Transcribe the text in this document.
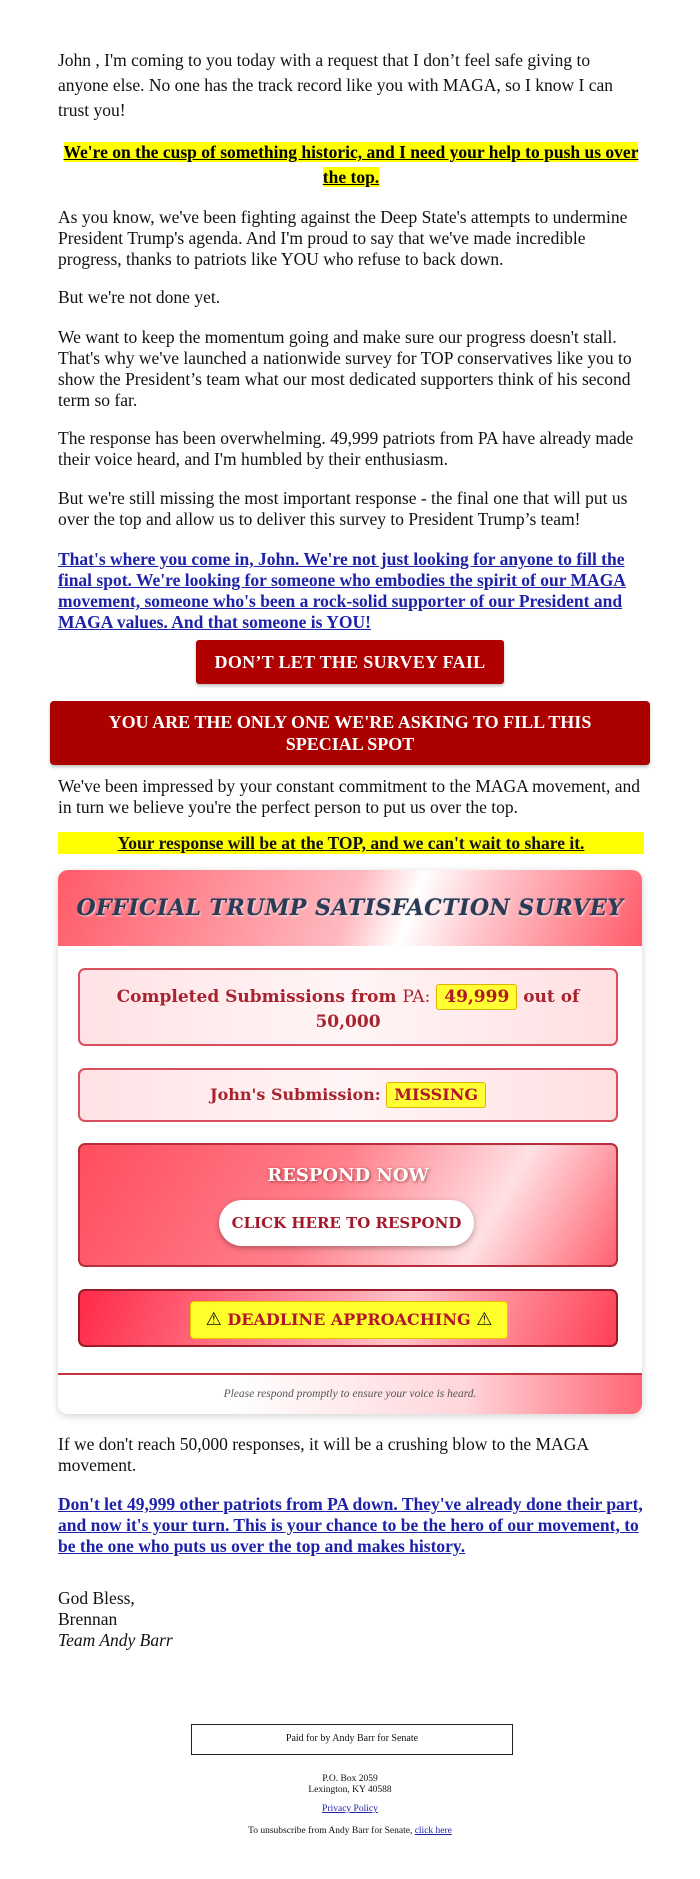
John , I'm coming to you today with a request that I don’t feel safe giving to anyone else. No one has the track record like you with MAGA, so I know I can trust you!

We're on the cusp of something historic, and I need your help to push us over the top.

As you know, we've been fighting against the Deep State's attempts to undermine President Trump's agenda. And I'm proud to say that we've made incredible progress, thanks to patriots like YOU who refuse to back down.

But we're not done yet.

We want to keep the momentum going and make sure our progress doesn't stall. That's why we've launched a nationwide survey for TOP conservatives like you to show the President’s team what our most dedicated supporters think of his second term so far.

The response has been overwhelming. 49,999 patriots from PA have already made their voice heard, and I'm humbled by their enthusiasm.

But we're still missing the most important response - the final one that will put us over the top and allow us to deliver this survey to President Trump’s team!

That's where you come in, John. We're not just looking for anyone to fill the final spot. We're looking for someone who embodies the spirit of our MAGA movement, someone who's been a rock-solid supporter of our President and MAGA values. And that someone is YOU!
DON’T LET THE SURVEY FAIL
YOU ARE THE ONLY ONE WE'RE ASKING TO FILL THIS SPECIAL SPOT

We've been impressed by your constant commitment to the MAGA movement, and in turn we believe you're the perfect person to put us over the top.

Your response will be at the TOP, and we can't wait to share it.
OFFICIAL TRUMP SATISFACTION SURVEY
Completed Submissions from PA: 49,999 out of
50,000
John's Submission: MISSING
RESPOND NOW
CLICK HERE TO RESPOND
⚠ DEADLINE APPROACHING ⚠
Please respond promptly to ensure your voice is heard.

If we don't reach 50,000 responses, it will be a crushing blow to the MAGA movement.

Don't let 49,999 other patriots from PA down. They've already done their part, and now it's your turn. This is your chance to be the hero of our movement, to be the one who puts us over the top and makes history.
God Bless,
Brennan
Team Andy Barr
Paid for by Andy Barr for Senate
P.O. Box 2059
Lexington, KY 40588
Privacy Policy
To unsubscribe from Andy Barr for Senate, click here
